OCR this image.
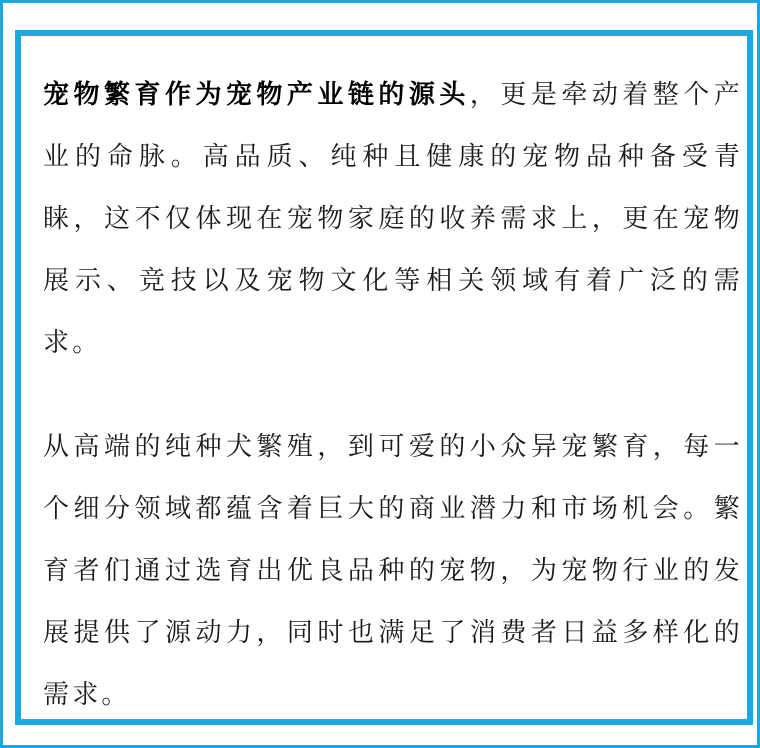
宠物繁育作为宠物产业链的源头，更是牵动着整个产业的命脉。高品质、纯种且健康的宠物品种备受青睐，这不仅体现在宠物家庭的收养需求上，更在宠物展示、竞技以及宠物文化等相关领域有着广泛的需求。

从高端的纯种犬繁殖，到可爱的小众异宠繁育，每一个细分领域都蕴含着巨大的商业潜力和市场机会。繁育者们通过选育出优良品种的宠物，为宠物行业的发展提供了源动力，同时也满足了消费者日益多样化的需求。
